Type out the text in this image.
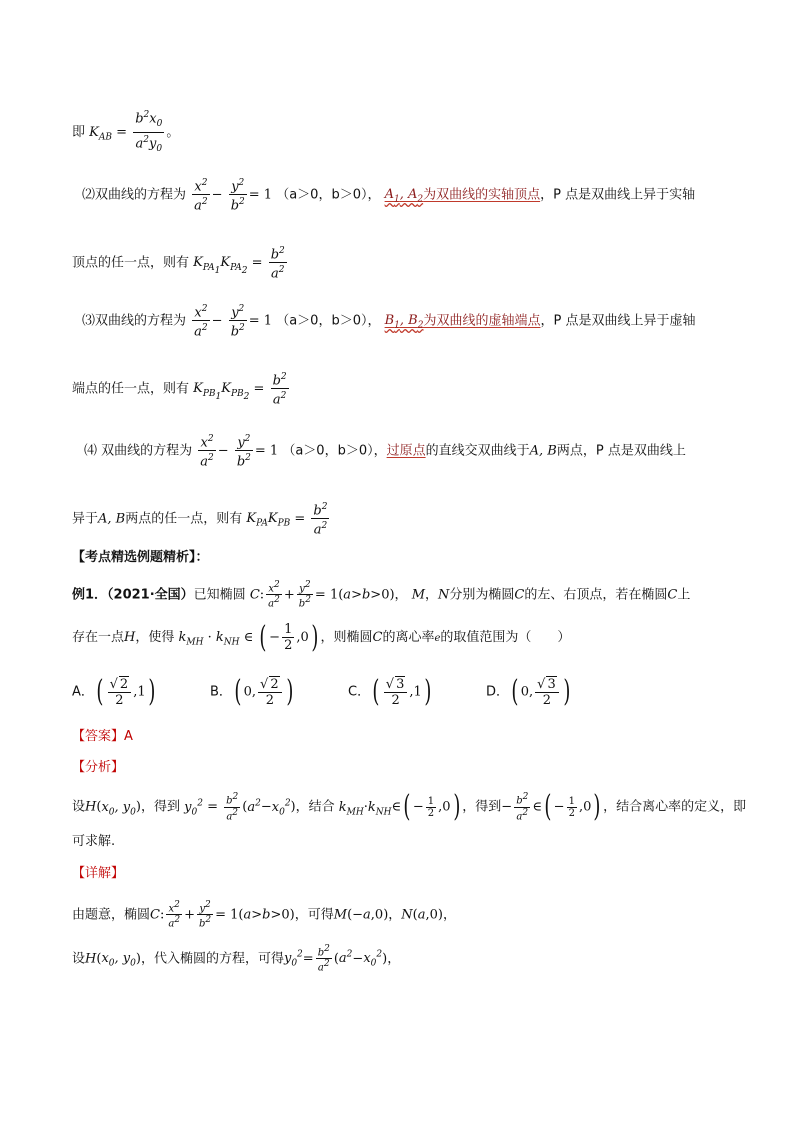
即 $K_{AB} = \frac{b^2x_0}{a^2y_0}$ 。
⑵双曲线的方程为 $\frac{x^2}{a^2} - \frac{y^2}{b^2} = 1$ （a＞0，b＞0）， $A_1$, $A_2$为双曲线的实轴顶点，P 点是双曲线上异于实轴
顶点的任一点，则有 $K_{PA_1}K_{PA_2} = \frac{b^2}{a^2}$
⑶双曲线的方程为 $\frac{x^2}{a^2} - \frac{y^2}{b^2} = 1$ （a＞0，b＞0）， $B_1$, $B_2$为双曲线的虚轴端点，P 点是双曲线上异于虚轴
端点的任一点，则有 $K_{PB_1}K_{PB_2} = \frac{b^2}{a^2}$
⑷ 双曲线的方程为 $\frac{x^2}{a^2} - \frac{y^2}{b^2} = 1$ （a＞0，b＞0），过原点的直线交双曲线于A, B两点，P 点是双曲线上
异于A, B两点的任一点，则有 $K_{PA}K_{PB} = \frac{b^2}{a^2}$
【考点精选例题精析】：
例1．（2021·全国）已知椭圆 C: $\frac{x^2}{a^2} + \frac{y^2}{b^2} = 1(a>b>0)$， M，N分别为椭圆C的左、右顶点，若在椭圆C上
存在一点H，使得 $k_{MH} \cdot k_{NH}$ ∈ ( − $\frac{1}{2} ,0$) ，则椭圆C的离心率e的取值范围为（　　）
A．( $\frac{√ 2}{2} ,1$)	B．( 0, $\frac{√ 2}{2}$ )	C．( $\frac{√ 3}{2} ,1$)	D．( 0, $\frac{√ 3}{2}$ )
【答案】A
【分析】
设$H(x_0$, $y_0$)，得到 $y_0^2 = \frac{b^2}{a^2} (a^2-x_0^2)$，结合 $k_{MH}\cdot k_{NH}\in( - \frac{1}{2} ,0)$ ，得到− $\frac{b^2}{a^2}$ ∈( − $\frac{1}{2} ,0$) ，结合离心率的定义，即
可求解.
【详解】
由题意，椭圆C: $\frac{x^2}{a^2} + \frac{y^2}{b^2} = 1(a>b>0)$，可得M(−a,0)，N(a,0)，
设$H(x_0$, $y_0$)，代入椭圆的方程，可得$y_0^2= \frac{b^2}{a^2} (a^2-x_0^2)$，
